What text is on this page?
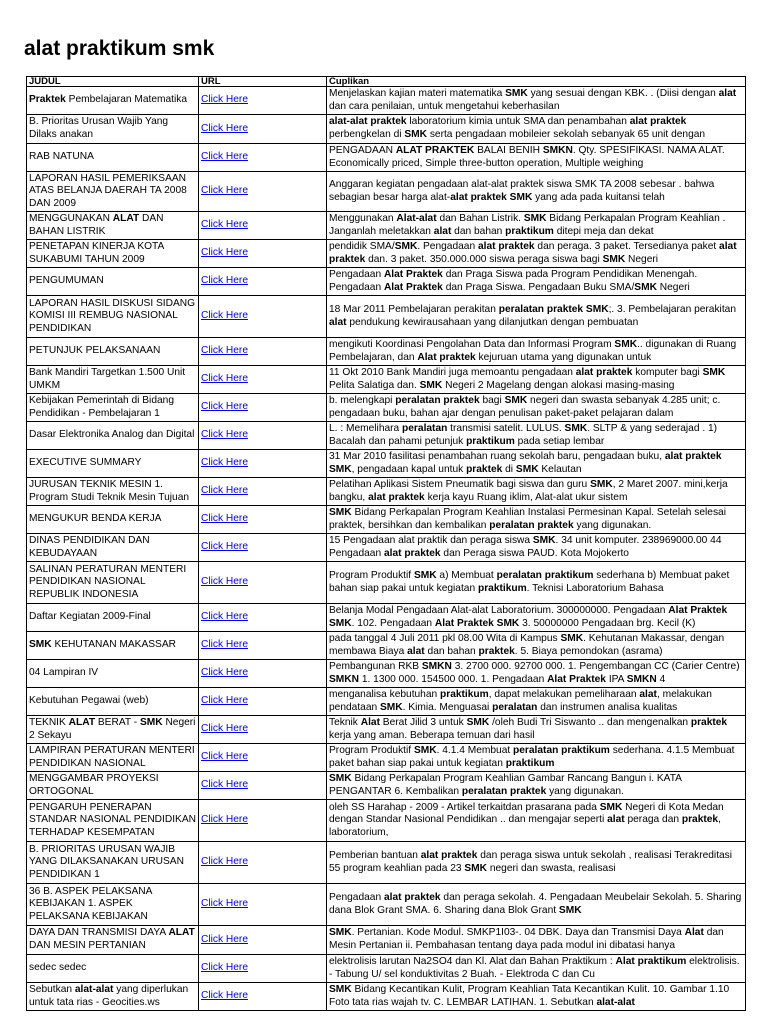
alat praktikum smk
JUDUL	URL	Cuplikan
Praktek Pembelajaran Matematika	Click Here	Menjelaskan kajian materi matematika SMK yang sesuai dengan KBK. . (Diisi dengan alat dan cara penilaian, untuk mengetahui keberhasilan
B. Prioritas Urusan Wajib Yang Dilaks anakan	Click Here	alat-alat praktek laboratorium kimia untuk SMA dan penambahan alat praktek perbengkelan di SMK serta pengadaan mobileier sekolah sebanyak 65 unit dengan
RAB NATUNA	Click Here	PENGADAAN ALAT PRAKTEK BALAI BENIH SMKN. Qty. SPESIFIKASI. NAMA ALAT. Economically priced, Simple three-button operation, Multiple weighing
LAPORAN HASIL PEMERIKSAAN ATAS BELANJA DAERAH TA 2008 DAN 2009	Click Here	Anggaran kegiatan pengadaan alat-alat praktek siswa SMK TA 2008 sebesar . bahwa sebagian besar harga alat-alat praktek SMK yang ada pada kuitansi telah
MENGGUNAKAN ALAT DAN BAHAN LISTRIK	Click Here	Menggunakan Alat-alat dan Bahan Listrik. SMK Bidang Perkapalan Program Keahlian . Janganlah meletakkan alat dan bahan praktikum ditepi meja dan dekat
PENETAPAN KINERJA KOTA SUKABUMI TAHUN 2009	Click Here	pendidik SMA/SMK. Pengadaan alat praktek dan peraga. 3 paket. Tersedianya paket alat praktek dan. 3 paket. 350.000.000 siswa peraga siswa bagi SMK Negeri
PENGUMUMAN	Click Here	Pengadaan Alat Praktek dan Praga Siswa pada Program Pendidikan Menengah. Pengadaan Alat Praktek dan Praga Siswa. Pengadaan Buku SMA/SMK Negeri
LAPORAN HASIL DISKUSI SIDANG KOMISI III REMBUG NASIONAL PENDIDIKAN	Click Here	18 Mar 2011 Pembelajaran perakitan peralatan praktek SMK;. 3. Pembelajaran perakitan alat pendukung kewirausahaan yang dilanjutkan dengan pembuatan
PETUNJUK PELAKSANAAN	Click Here	mengikuti Koordinasi Pengolahan Data dan Informasi Program SMK.. digunakan di Ruang Pembelajaran, dan Alat praktek kejuruan utama yang digunakan untuk
Bank Mandiri Targetkan 1.500 Unit UMKM	Click Here	11 Okt 2010 Bank Mandiri juga memoantu pengadaan alat praktek komputer bagi SMK Pelita Salatiga dan. SMK Negeri 2 Magelang dengan alokasi masing-masing
Kebijakan Pemerintah di Bidang Pendidikan - Pembelajaran 1	Click Here	b. melengkapi peralatan praktek bagi SMK negeri dan swasta sebanyak 4.285 unit; c. pengadaan buku, bahan ajar dengan penulisan paket-paket pelajaran dalam
Dasar Elektronika Analog dan Digital	Click Here	L. : Memelihara peralatan transmisi satelit. LULUS. SMK. SLTP & yang sederajad . 1) Bacalah dan pahami petunjuk praktikum pada setiap lembar
EXECUTIVE SUMMARY	Click Here	31 Mar 2010 fasilitasi penambahan ruang sekolah baru, pengadaan buku, alat praktek SMK, pengadaan kapal untuk praktek di SMK Kelautan
JURUSAN TEKNIK MESIN 1. Program Studi Teknik Mesin Tujuan	Click Here	Pelatihan Aplikasi Sistem Pneumatik bagi siswa dan guru SMK, 2 Maret 2007. mini,kerja bangku, alat praktek kerja kayu Ruang iklim, Alat-alat ukur sistem
MENGUKUR BENDA KERJA	Click Here	SMK Bidang Perkapalan Program Keahlian Instalasi Permesinan Kapal. Setelah selesai praktek, bersihkan dan kembalikan peralatan praktek yang digunakan.
DINAS PENDIDIKAN DAN KEBUDAYAAN	Click Here	15 Pengadaan alat praktik dan peraga siswa SMK. 34 unit komputer. 238969000.00 44 Pengadaan alat praktek dan Peraga siswa PAUD. Kota Mojokerto
SALINAN PERATURAN MENTERI PENDIDIKAN NASIONAL REPUBLIK INDONESIA	Click Here	Program Produktif SMK a) Membuat peralatan praktikum sederhana b) Membuat paket bahan siap pakai untuk kegiatan praktikum. Teknisi Laboratorium Bahasa
Daftar Kegiatan 2009-Final	Click Here	Belanja Modal Pengadaan Alat-alat Laboratorium. 300000000. Pengadaan Alat Praktek SMK. 102. Pengadaan Alat Praktek SMK 3. 50000000 Pengadaan brg. Kecil (K)
SMK KEHUTANAN MAKASSAR	Click Here	pada tanggal 4 Juli 2011 pkl 08.00 Wita di Kampus SMK. Kehutanan Makassar, dengan membawa Biaya alat dan bahan praktek. 5. Biaya pemondokan (asrama)
04 Lampiran IV	Click Here	Pembangunan RKB SMKN 3. 2700 000. 92700 000. 1. Pengembangan CC (Carier Centre) SMKN 1. 1300 000. 154500 000. 1. Pengadaan Alat Praktek IPA SMKN 4
Kebutuhan Pegawai (web)	Click Here	menganalisa kebutuhan praktikum, dapat melakukan pemeliharaan alat, melakukan pendataan SMK. Kimia. Menguasai peralatan dan instrumen analisa kualitas
TEKNIK ALAT BERAT - SMK Negeri 2 Sekayu	Click Here	Teknik Alat Berat Jilid 3 untuk SMK /oleh Budi Tri Siswanto .. dan mengenalkan praktek kerja yang aman. Beberapa temuan dari hasil
LAMPIRAN PERATURAN MENTERI PENDIDIKAN NASIONAL	Click Here	Program Produktif SMK. 4.1.4 Membuat peralatan praktikum sederhana. 4.1.5 Membuat paket bahan siap pakai untuk kegiatan praktikum
MENGGAMBAR PROYEKSI ORTOGONAL	Click Here	SMK Bidang Perkapalan Program Keahlian Gambar Rancang Bangun i. KATA PENGANTAR 6. Kembalikan peralatan praktek yang digunakan.
PENGARUH PENERAPAN STANDAR NASIONAL PENDIDIKAN TERHADAP KESEMPATAN	Click Here	oleh SS Harahap - 2009 - Artikel terkaitdan prasarana pada SMK Negeri di Kota Medan dengan Standar Nasional Pendidikan .. dan mengajar seperti alat peraga dan praktek, laboratorium,
B. PRIORITAS URUSAN WAJIB YANG DILAKSANAKAN URUSAN PENDIDIKAN 1	Click Here	Pemberian bantuan alat praktek dan peraga siswa untuk sekolah , realisasi Terakreditasi 55 program keahlian pada 23 SMK negeri dan swasta, realisasi
36 B. ASPEK PELAKSANA KEBIJAKAN 1. ASPEK PELAKSANA KEBIJAKAN	Click Here	Pengadaan alat praktek dan peraga sekolah. 4. Pengadaan Meubelair Sekolah. 5. Sharing dana Blok Grant SMA. 6. Sharing dana Blok Grant SMK
DAYA DAN TRANSMISI DAYA ALAT DAN MESIN PERTANIAN	Click Here	SMK. Pertanian. Kode Modul. SMKP1I03-. 04 DBK. Daya dan Transmisi Daya Alat dan Mesin Pertanian ii. Pembahasan tentang daya pada modul ini dibatasi hanya
sedec sedec	Click Here	elektrolisis larutan Na2SO4 dan Kl. Alat dan Bahan Praktikum : Alat praktikum elektrolisis. - Tabung U/ sel konduktivitas 2 Buah. - Elektroda C dan Cu
Sebutkan alat-alat yang diperlukan untuk tata rias - Geocities.ws	Click Here	SMK Bidang Kecantikan Kulit, Program Keahlian Tata Kecantikan Kulit. 10. Gambar 1.10 Foto tata rias wajah tv. C. LEMBAR LATIHAN. 1. Sebutkan alat-alat
